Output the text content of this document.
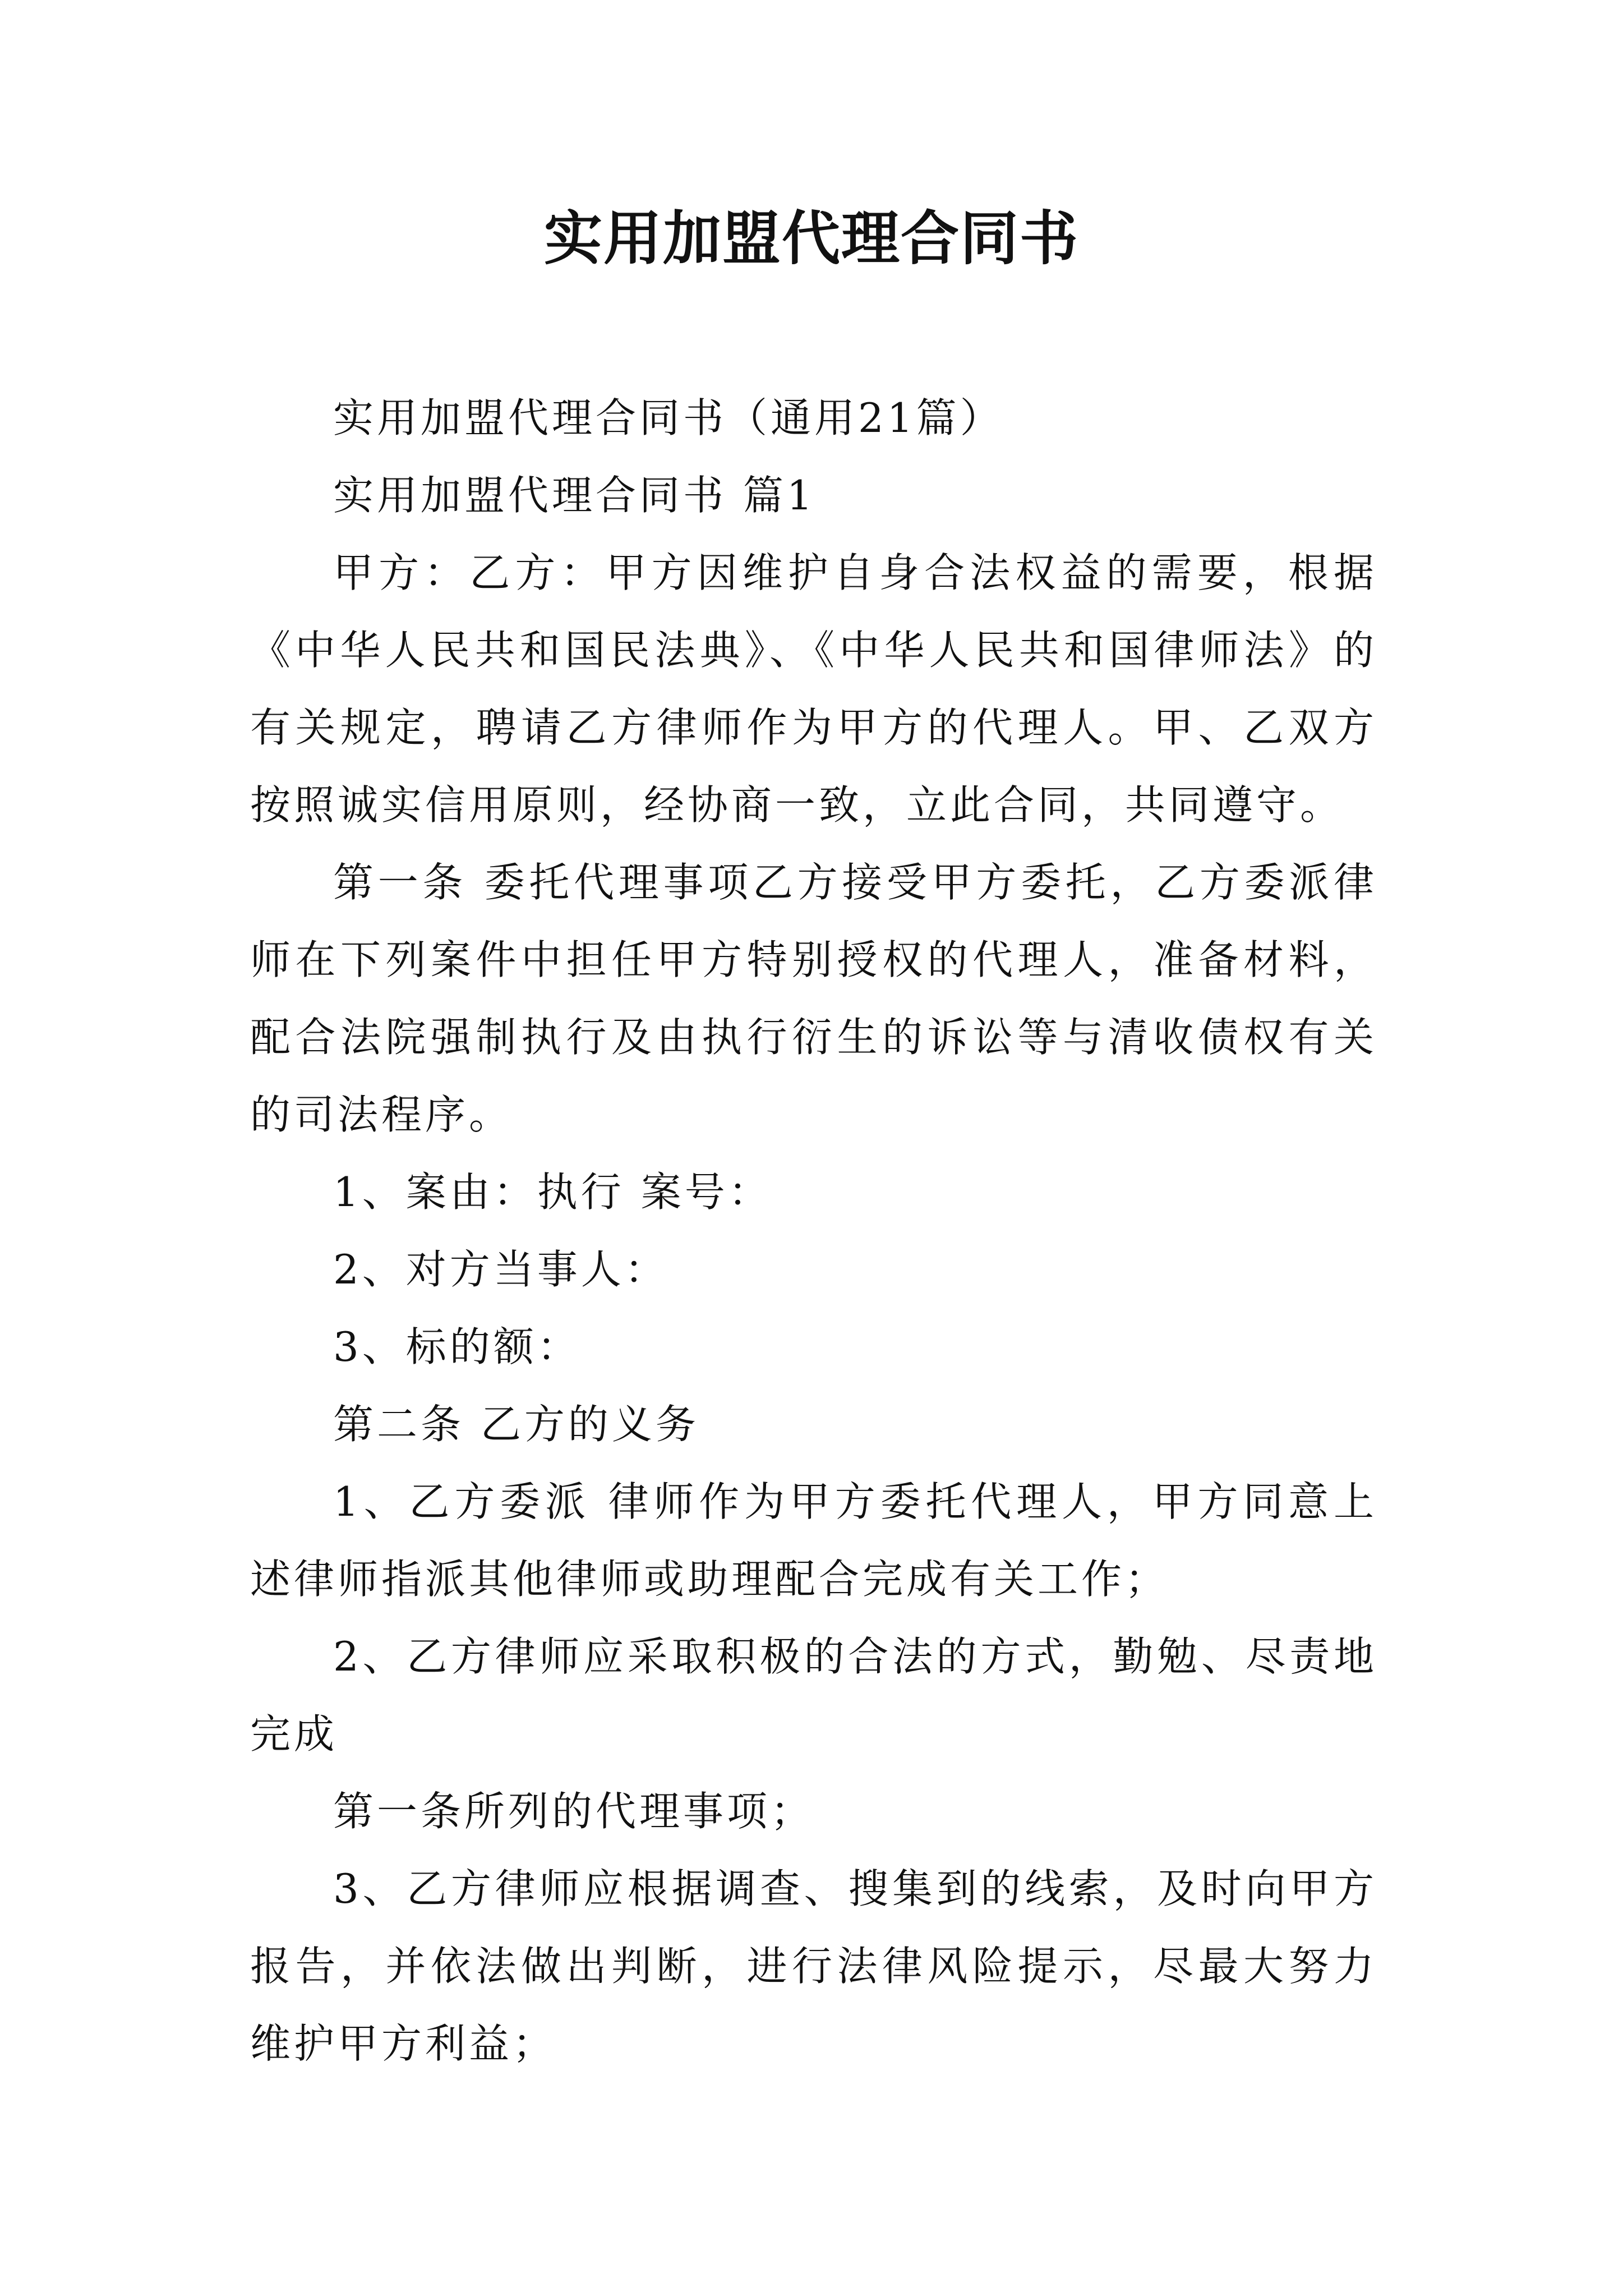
实用加盟代理合同书

实用加盟代理合同书（通用21篇）

实用加盟代理合同书 篇1

甲方：乙方：甲方因维护自身合法权益的需要，根据《中华人民共和国民法典》、《中华人民共和国律师法》的有关规定，聘请乙方律师作为甲方的代理人。甲、乙双方按照诚实信用原则，经协商一致，立此合同，共同遵守。

第一条 委托代理事项乙方接受甲方委托，乙方委派律师在下列案件中担任甲方特别授权的代理人，准备材料，配合法院强制执行及由执行衍生的诉讼等与清收债权有关的司法程序。

1、案由：执行 案号：

2、对方当事人：

3、标的额：

第二条 乙方的义务

1、乙方委派 律师作为甲方委托代理人，甲方同意上述律师指派其他律师或助理配合完成有关工作；

2、乙方律师应采取积极的合法的方式，勤勉、尽责地完成

第一条所列的代理事项；

3、乙方律师应根据调查、搜集到的线索，及时向甲方报告，并依法做出判断，进行法律风险提示，尽最大努力维护甲方利益；
